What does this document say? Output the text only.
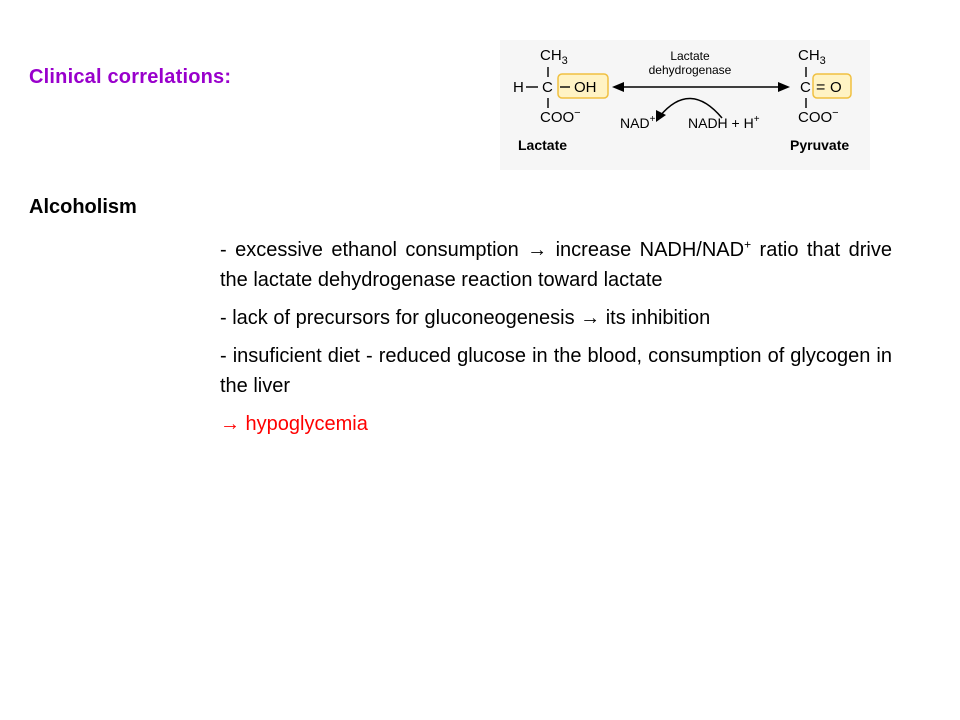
Clinical correlations:
$CH_3$
H C OH
COO−
Lactate
Lactate
dehydrogenase
NAD+ NADH + H+
$CH_3$
C = O
COO−
Pyruvate
Alcoholism
- excessive ethanol consumption → increase NADH/NAD+ ratio that drive the lactate dehydrogenase reaction toward lactate
- lack of precursors for gluconeogenesis → its inhibition
- insuficient diet - reduced glucose in the blood, consumption of glycogen in the liver
→ hypoglycemia
